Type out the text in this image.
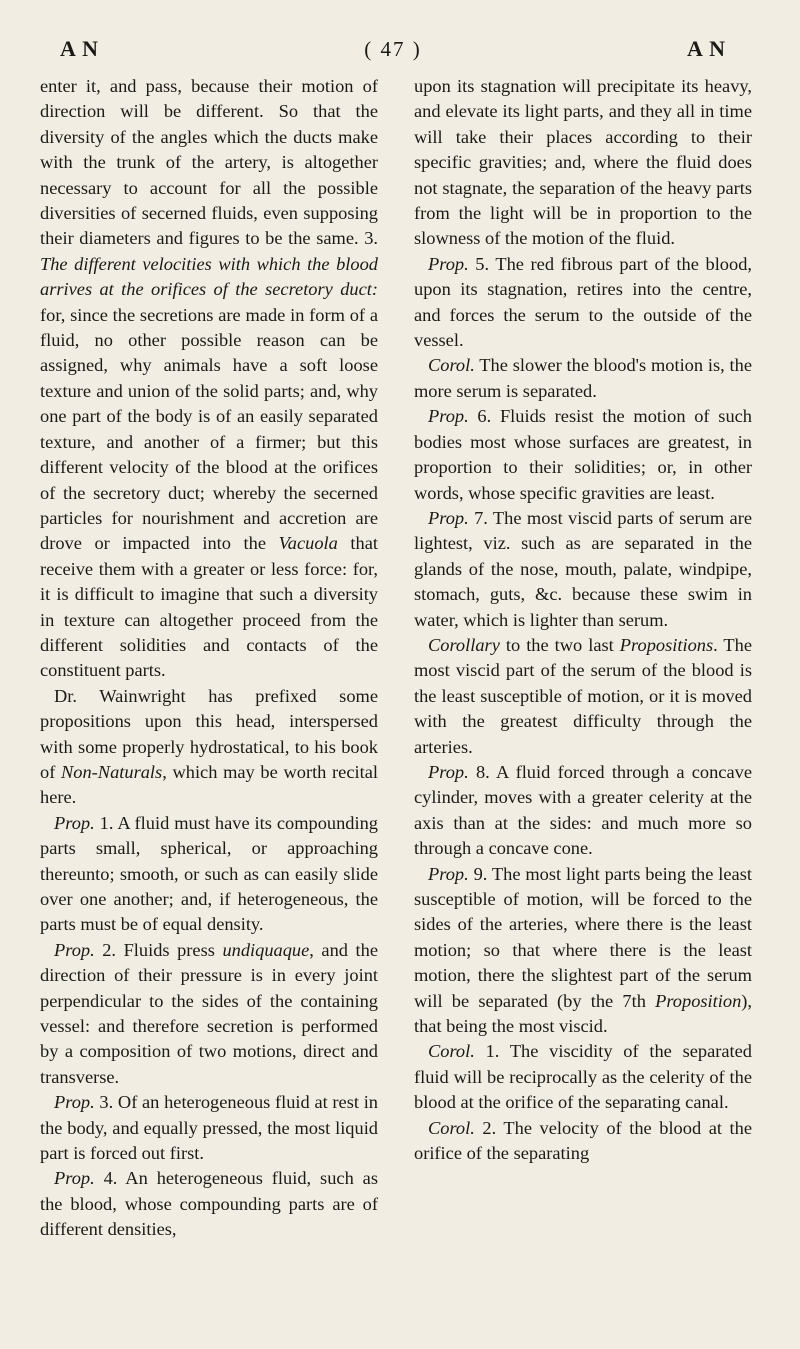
A N	( 47 )	A N

enter it, and pass, because their motion of direction will be different. So that the diversity of the angles which the ducts make with the trunk of the artery, is altogether necessary to account for all the possible diversities of secerned fluids, even supposing their diameters and figures to be the same. 3. The different velocities with which the blood arrives at the orifices of the secretory duct: for, since the secretions are made in form of a fluid, no other possible reason can be assigned, why animals have a soft loose texture and union of the solid parts; and, why one part of the body is of an easily separated texture, and another of a firmer; but this different velocity of the blood at the orifices of the secretory duct; whereby the secerned particles for nourishment and accretion are drove or impacted into the Vacuola that receive them with a greater or less force: for, it is difficult to imagine that such a diversity in texture can altogether proceed from the different solidities and contacts of the constituent parts.

Dr. Wainwright has prefixed some propositions upon this head, interspersed with some properly hydrostatical, to his book of Non-Naturals, which may be worth recital here.

Prop. 1. A fluid must have its compounding parts small, spherical, or approaching thereunto; smooth, or such as can easily slide over one another; and, if heterogeneous, the parts must be of equal density.

Prop. 2. Fluids press undiquaque, and the direction of their pressure is in every joint perpendicular to the sides of the containing vessel: and therefore secretion is performed by a composition of two motions, direct and transverse.

Prop. 3. Of an heterogeneous fluid at rest in the body, and equally pressed, the most liquid part is forced out first.

Prop. 4. An heterogeneous fluid, such as the blood, whose compounding parts are of different densities,

upon its stagnation will precipitate its heavy, and elevate its light parts, and they all in time will take their places according to their specific gravities; and, where the fluid does not stagnate, the separation of the heavy parts from the light will be in proportion to the slowness of the motion of the fluid.

Prop. 5. The red fibrous part of the blood, upon its stagnation, retires into the centre, and forces the serum to the outside of the vessel.

Corol. The slower the blood's motion is, the more serum is separated.

Prop. 6. Fluids resist the motion of such bodies most whose surfaces are greatest, in proportion to their solidities; or, in other words, whose specific gravities are least.

Prop. 7. The most viscid parts of serum are lightest, viz. such as are separated in the glands of the nose, mouth, palate, windpipe, stomach, guts, &c. because these swim in water, which is lighter than serum.

Corollary to the two last Propositions. The most viscid part of the serum of the blood is the least susceptible of motion, or it is moved with the greatest difficulty through the arteries.

Prop. 8. A fluid forced through a concave cylinder, moves with a greater celerity at the axis than at the sides: and much more so through a concave cone.

Prop. 9. The most light parts being the least susceptible of motion, will be forced to the sides of the arteries, where there is the least motion; so that where there is the least motion, there the slightest part of the serum will be separated (by the 7th Proposition), that being the most viscid.

Corol. 1. The viscidity of the separated fluid will be reciprocally as the celerity of the blood at the orifice of the separating canal.

Corol. 2. The velocity of the blood at the orifice of the separating
